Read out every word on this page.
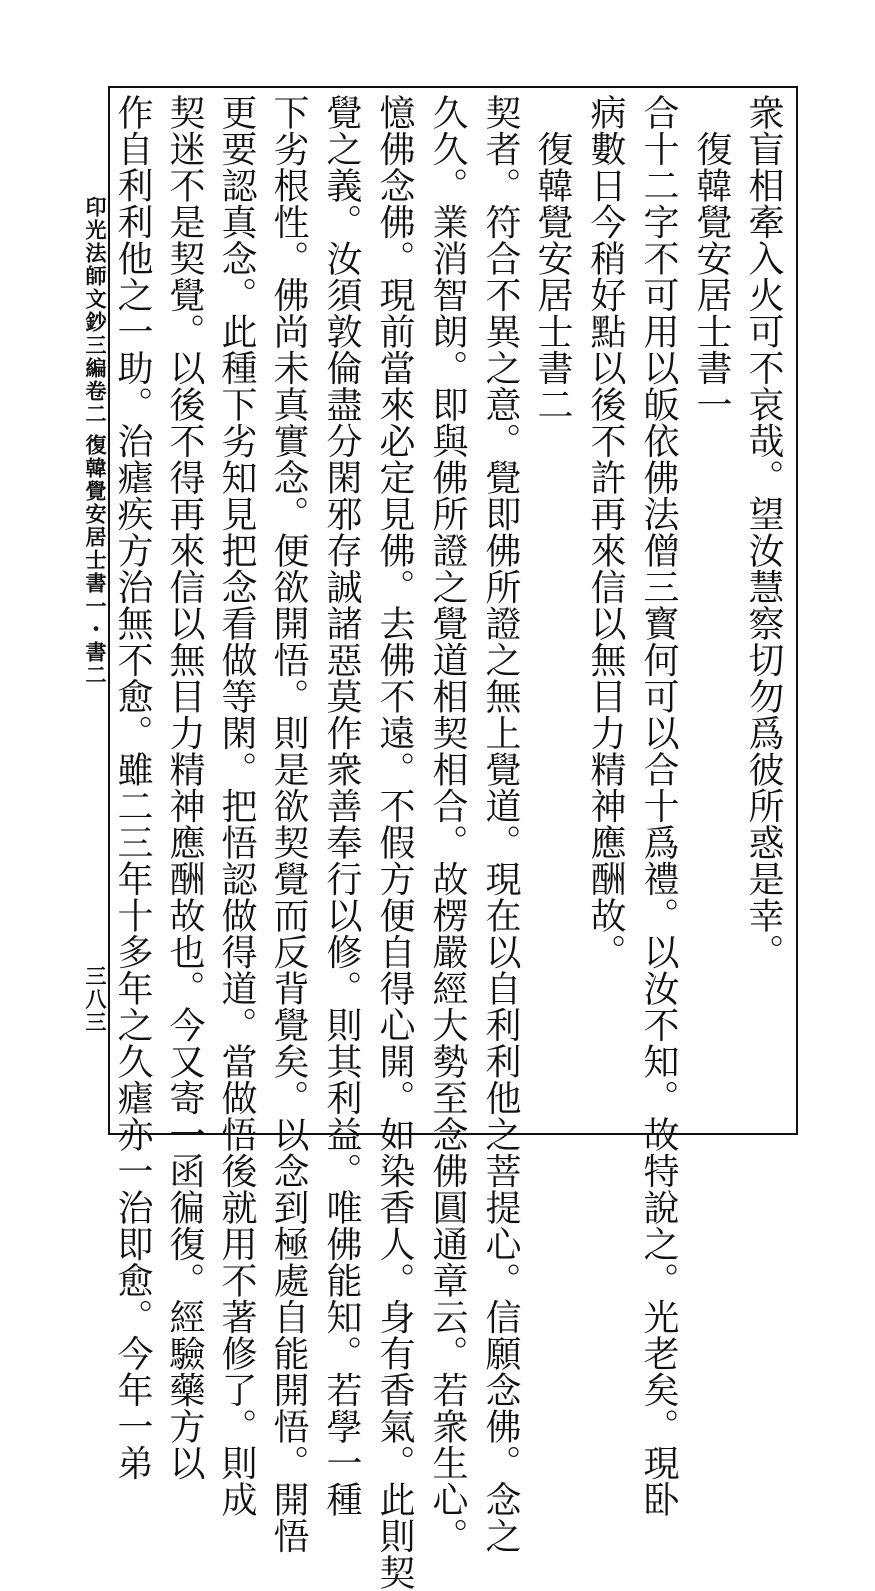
衆盲相牽入火可不哀哉。望汝慧察切勿爲彼所惑是幸。
　復韓覺安居士書一
合十二字不可用以皈依佛法僧三寳何可以合十爲禮。以汝不知。故特說之。光老矣。現卧
病數日今稍好點以後不許再來信以無目力精神應酬故。
　復韓覺安居士書二
契者。符合不異之意。覺即佛所證之無上覺道。現在以自利利他之菩提心。信願念佛。念之
久久。業消智朗。即與佛所證之覺道相契相合。故楞嚴經大勢至念佛圓通章云。若衆生心。
憶佛念佛。現前當來必定見佛。去佛不遠。不假方便自得心開。如染香人。身有香氣。此則契
覺之義。汝須敦倫盡分閑邪存誠諸惡莫作衆善奉行以修。則其利益。唯佛能知。若學一種
下劣根性。佛尚未真實念。便欲開悟。則是欲契覺而反背覺矣。以念到極處自能開悟。開悟
更要認真念。此種下劣知見把念看做等閑。把悟認做得道。當做悟後就用不著修了。則成
契迷不是契覺。以後不得再來信以無目力精神應酬故也。今又寄一函徧復。經驗藥方以
作自利利他之一助。治瘧疾方治無不愈。雖二三年十多年之久瘧亦一治即愈。今年一弟
印光法師文鈔三編卷二
復韓覺安居士書一・書二
三八三
